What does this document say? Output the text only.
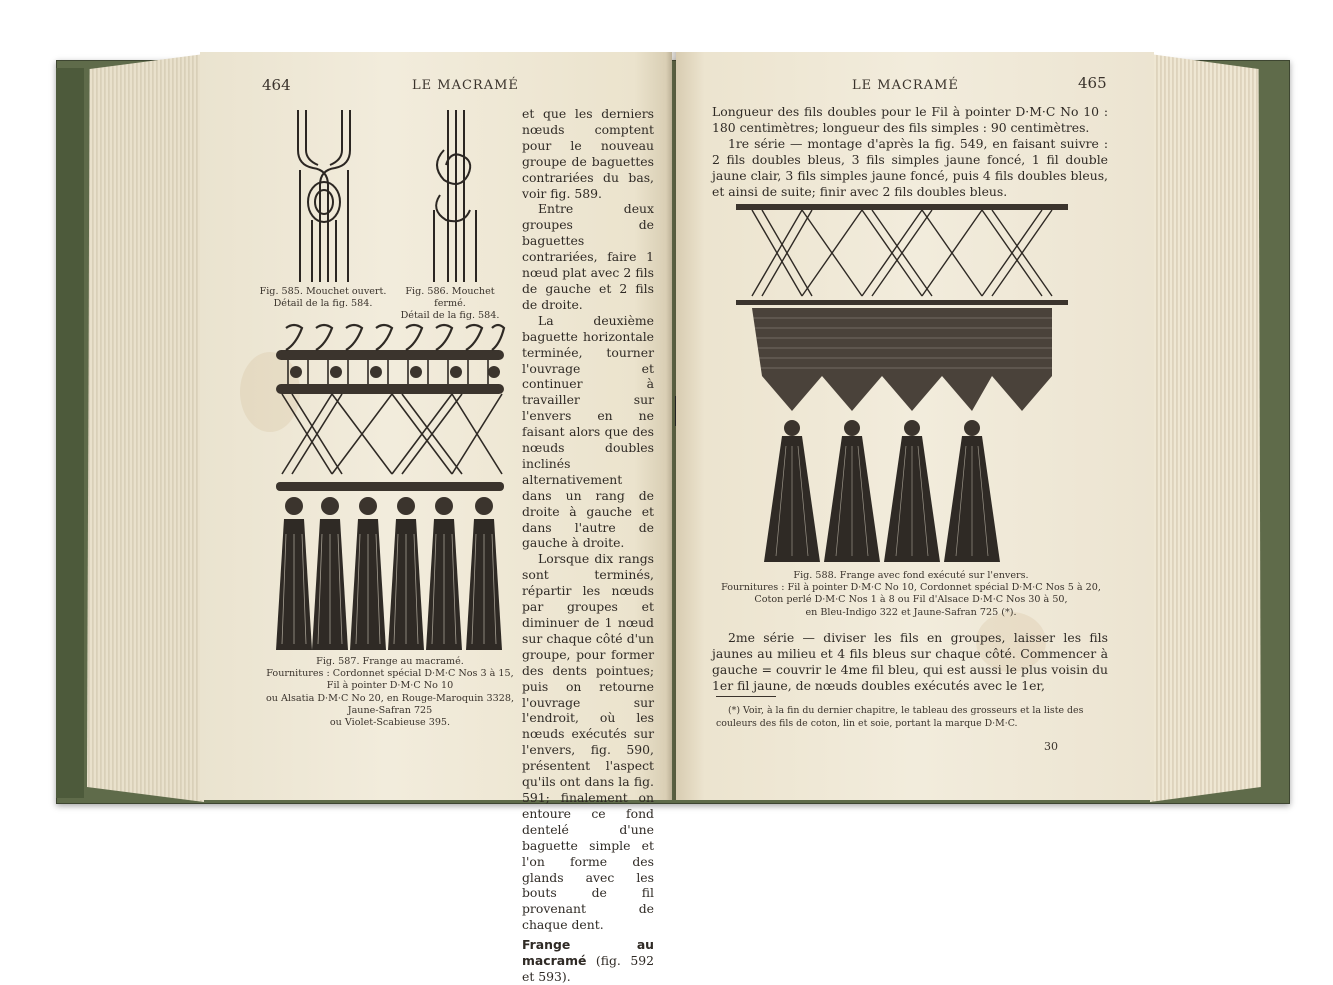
464	LE MACRAMÉ
Fig. 585. Mouchet ouvert.
Détail de la fig. 584.
Fig. 586. Mouchet fermé.
Détail de la fig. 584.
Fig. 587. Frange au macramé.
Fournitures : Cordonnet spécial D·M·C Nos 3 à 15,
Fil à pointer D·M·C No 10
ou Alsatia D·M·C No 20, en Rouge-Maroquin 3328,
Jaune-Safran 725
ou Violet-Scabieuse 395.

et que les derniers nœuds comptent pour le nouveau groupe de baguettes contrariées du bas, voir fig. 589.

Entre deux groupes de baguettes contrariées, faire 1 nœud plat avec 2 fils de gauche et 2 fils de droite.

La deuxième baguette horizontale terminée, tourner l'ouvrage et continuer à travailler sur l'envers en ne faisant alors que des nœuds doubles inclinés alternativement dans un rang de droite à gauche et dans l'autre de gauche à droite.

Lorsque dix rangs sont terminés, répartir les nœuds par groupes et diminuer de 1 nœud sur chaque côté d'un groupe, pour former des dents pointues; puis on retourne l'ouvrage sur l'endroit, où les nœuds exécutés sur l'envers, fig. 590, présentent l'aspect qu'ils ont dans la fig. 591; finalement on entoure ce fond dentelé d'une baguette simple et l'on forme des glands avec les bouts de fil provenant de chaque dent.

Frange au macramé (fig. 592 et 593).

LE MACRAMÉ	465

Longueur des fils doubles pour le Fil à pointer D·M·C No 10 : 180 centimètres; longueur des fils simples : 90 centimètres.

1re série — montage d'après la fig. 549, en faisant suivre : 2 fils doubles bleus, 3 fils simples jaune foncé, 1 fil double jaune clair, 3 fils simples jaune foncé, puis 4 fils doubles bleus, et ainsi de suite; finir avec 2 fils doubles bleus.

Fig. 588. Frange avec fond exécuté sur l'envers.
Fournitures : Fil à pointer D·M·C No 10, Cordonnet spécial D·M·C Nos 5 à 20,
Coton perlé D·M·C Nos 1 à 8 ou Fil d'Alsace D·M·C Nos 30 à 50,
en Bleu-Indigo 322 et Jaune-Safran 725 (*).

2me série — diviser les fils en groupes, laisser les fils jaunes au milieu et 4 fils bleus sur chaque côté. Commencer à gauche = couvrir le 4me fil bleu, qui est aussi le plus voisin du 1er fil jaune, de nœuds doubles exécutés avec le 1er,

(*) Voir, à la fin du dernier chapitre, le tableau des grosseurs et la liste des couleurs des fils de coton, lin et soie, portant la marque D·M·C.
30
